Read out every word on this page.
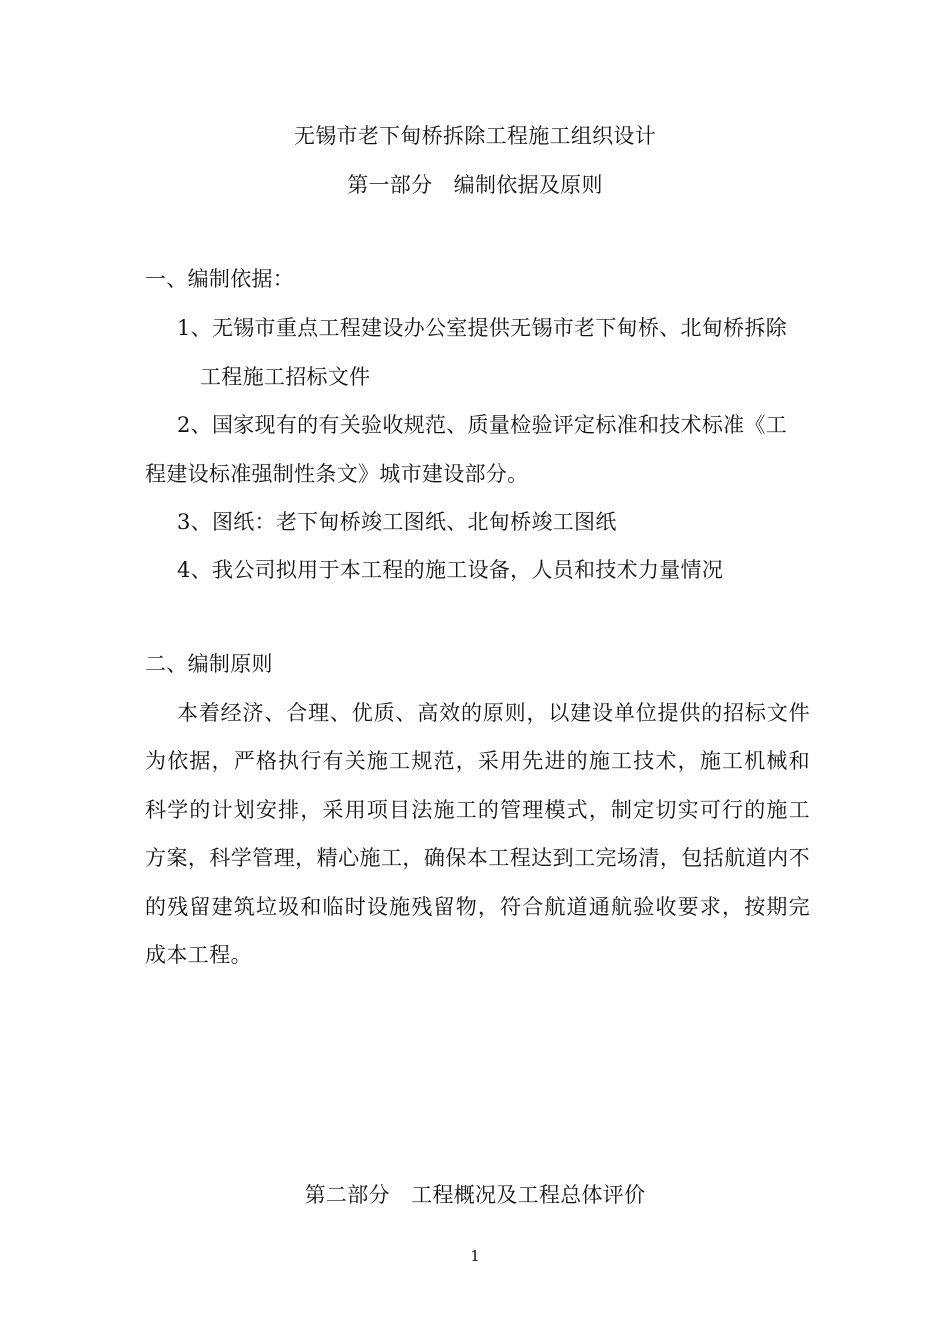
无锡市老下甸桥拆除工程施工组织设计
第一部分　编制依据及原则
一、编制依据：
1、无锡市重点工程建设办公室提供无锡市老下甸桥、北甸桥拆除
工程施工招标文件
2、国家现有的有关验收规范、质量检验评定标准和技术标准《工
程建设标准强制性条文》城市建设部分。
3、图纸：老下甸桥竣工图纸、北甸桥竣工图纸
4、我公司拟用于本工程的施工设备，人员和技术力量情况
二、编制原则
本着经济、合理、优质、高效的原则，以建设单位提供的招标文件
为依据，严格执行有关施工规范，采用先进的施工技术，施工机械和
科学的计划安排，采用项目法施工的管理模式，制定切实可行的施工
方案，科学管理，精心施工，确保本工程达到工完场清，包括航道内不
的残留建筑垃圾和临时设施残留物，符合航道通航验收要求，按期完
成本工程。
第二部分　工程概况及工程总体评价
1
